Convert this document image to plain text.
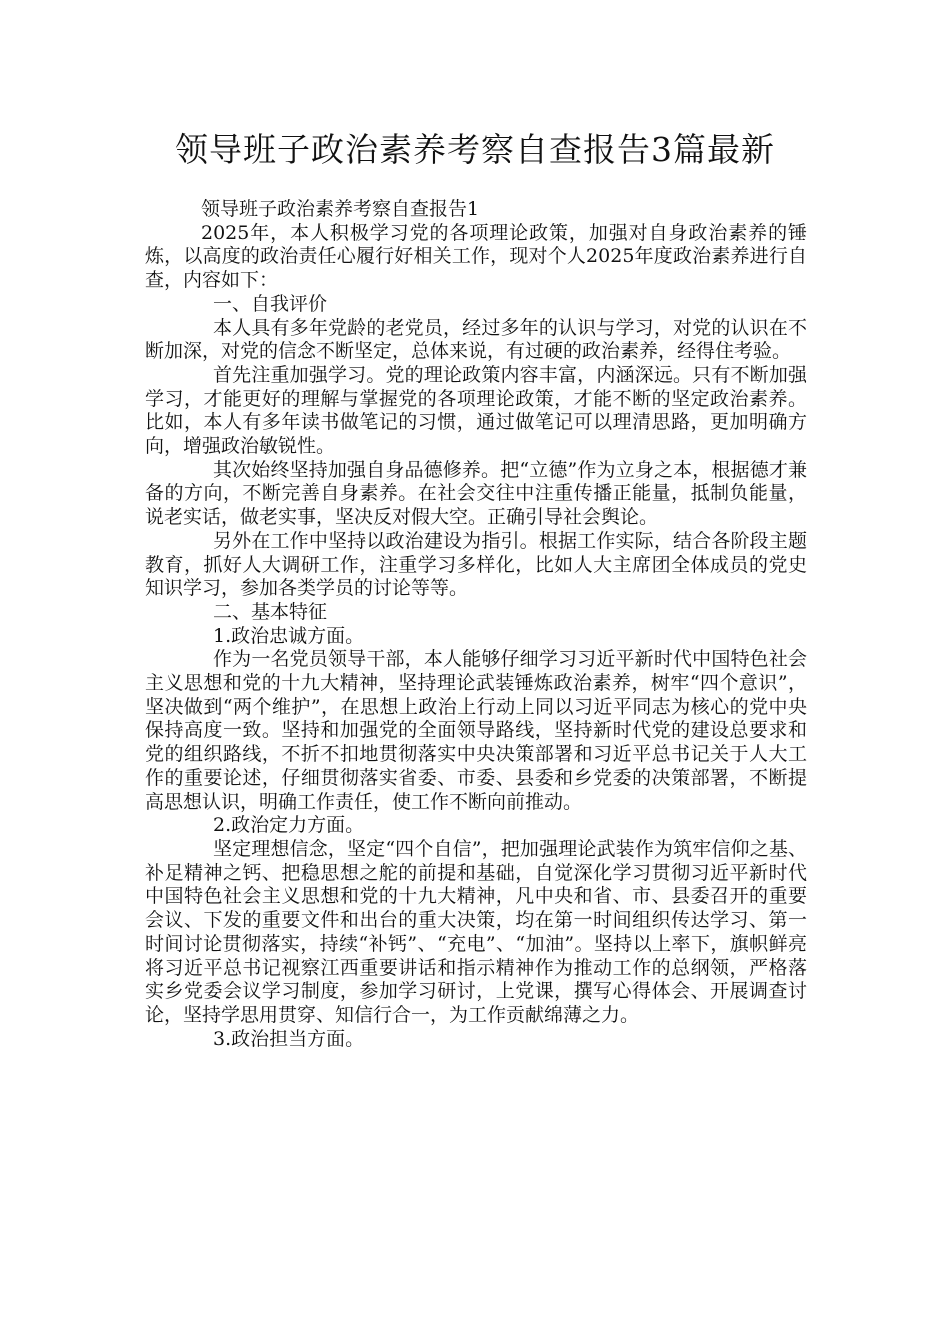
领导班子政治素养考察自查报告3篇最新

领导班子政治素养考察自查报告1

2025年，本人积极学习党的各项理论政策，加强对自身政治素养的锤炼，以高度的政治责任心履行好相关工作，现对个人2025年度政治素养进行自查，内容如下：

一、自我评价

本人具有多年党龄的老党员，经过多年的认识与学习，对党的认识在不断加深，对党的信念不断坚定，总体来说，有过硬的政治素养，经得住考验。

首先注重加强学习。党的理论政策内容丰富，内涵深远。只有不断加强学习，才能更好的理解与掌握党的各项理论政策，才能不断的坚定政治素养。比如，本人有多年读书做笔记的习惯，通过做笔记可以理清思路，更加明确方向，增强政治敏锐性。

其次始终坚持加强自身品德修养。把“立德”作为立身之本，根据德才兼备的方向，不断完善自身素养。在社会交往中注重传播正能量，抵制负能量，说老实话，做老实事，坚决反对假大空。正确引导社会舆论。

另外在工作中坚持以政治建设为指引。根据工作实际，结合各阶段主题教育，抓好人大调研工作，注重学习多样化，比如人大主席团全体成员的党史知识学习，参加各类学员的讨论等等。

二、基本特征

1.政治忠诚方面。

作为一名党员领导干部，本人能够仔细学习习近平新时代中国特色社会主义思想和党的十九大精神，坚持理论武装锤炼政治素养，树牢“四个意识”，坚决做到“两个维护”，在思想上政治上行动上同以习近平同志为核心的党中央保持高度一致。坚持和加强党的全面领导路线，坚持新时代党的建设总要求和党的组织路线，不折不扣地贯彻落实中央决策部署和习近平总书记关于人大工作的重要论述，仔细贯彻落实省委、市委、县委和乡党委的决策部署，不断提高思想认识，明确工作责任，使工作不断向前推动。

2.政治定力方面。

坚定理想信念，坚定“四个自信”，把加强理论武装作为筑牢信仰之基、补足精神之钙、把稳思想之舵的前提和基础，自觉深化学习贯彻习近平新时代中国特色社会主义思想和党的十九大精神，凡中央和省、市、县委召开的重要会议、下发的重要文件和出台的重大决策，均在第一时间组织传达学习、第一时间讨论贯彻落实，持续“补钙”、“充电”、“加油”。坚持以上率下，旗帜鲜亮将习近平总书记视察江西重要讲话和指示精神作为推动工作的总纲领，严格落实乡党委会议学习制度，参加学习研讨，上党课，撰写心得体会、开展调查讨论，坚持学思用贯穿、知信行合一，为工作贡献绵薄之力。

3.政治担当方面。
